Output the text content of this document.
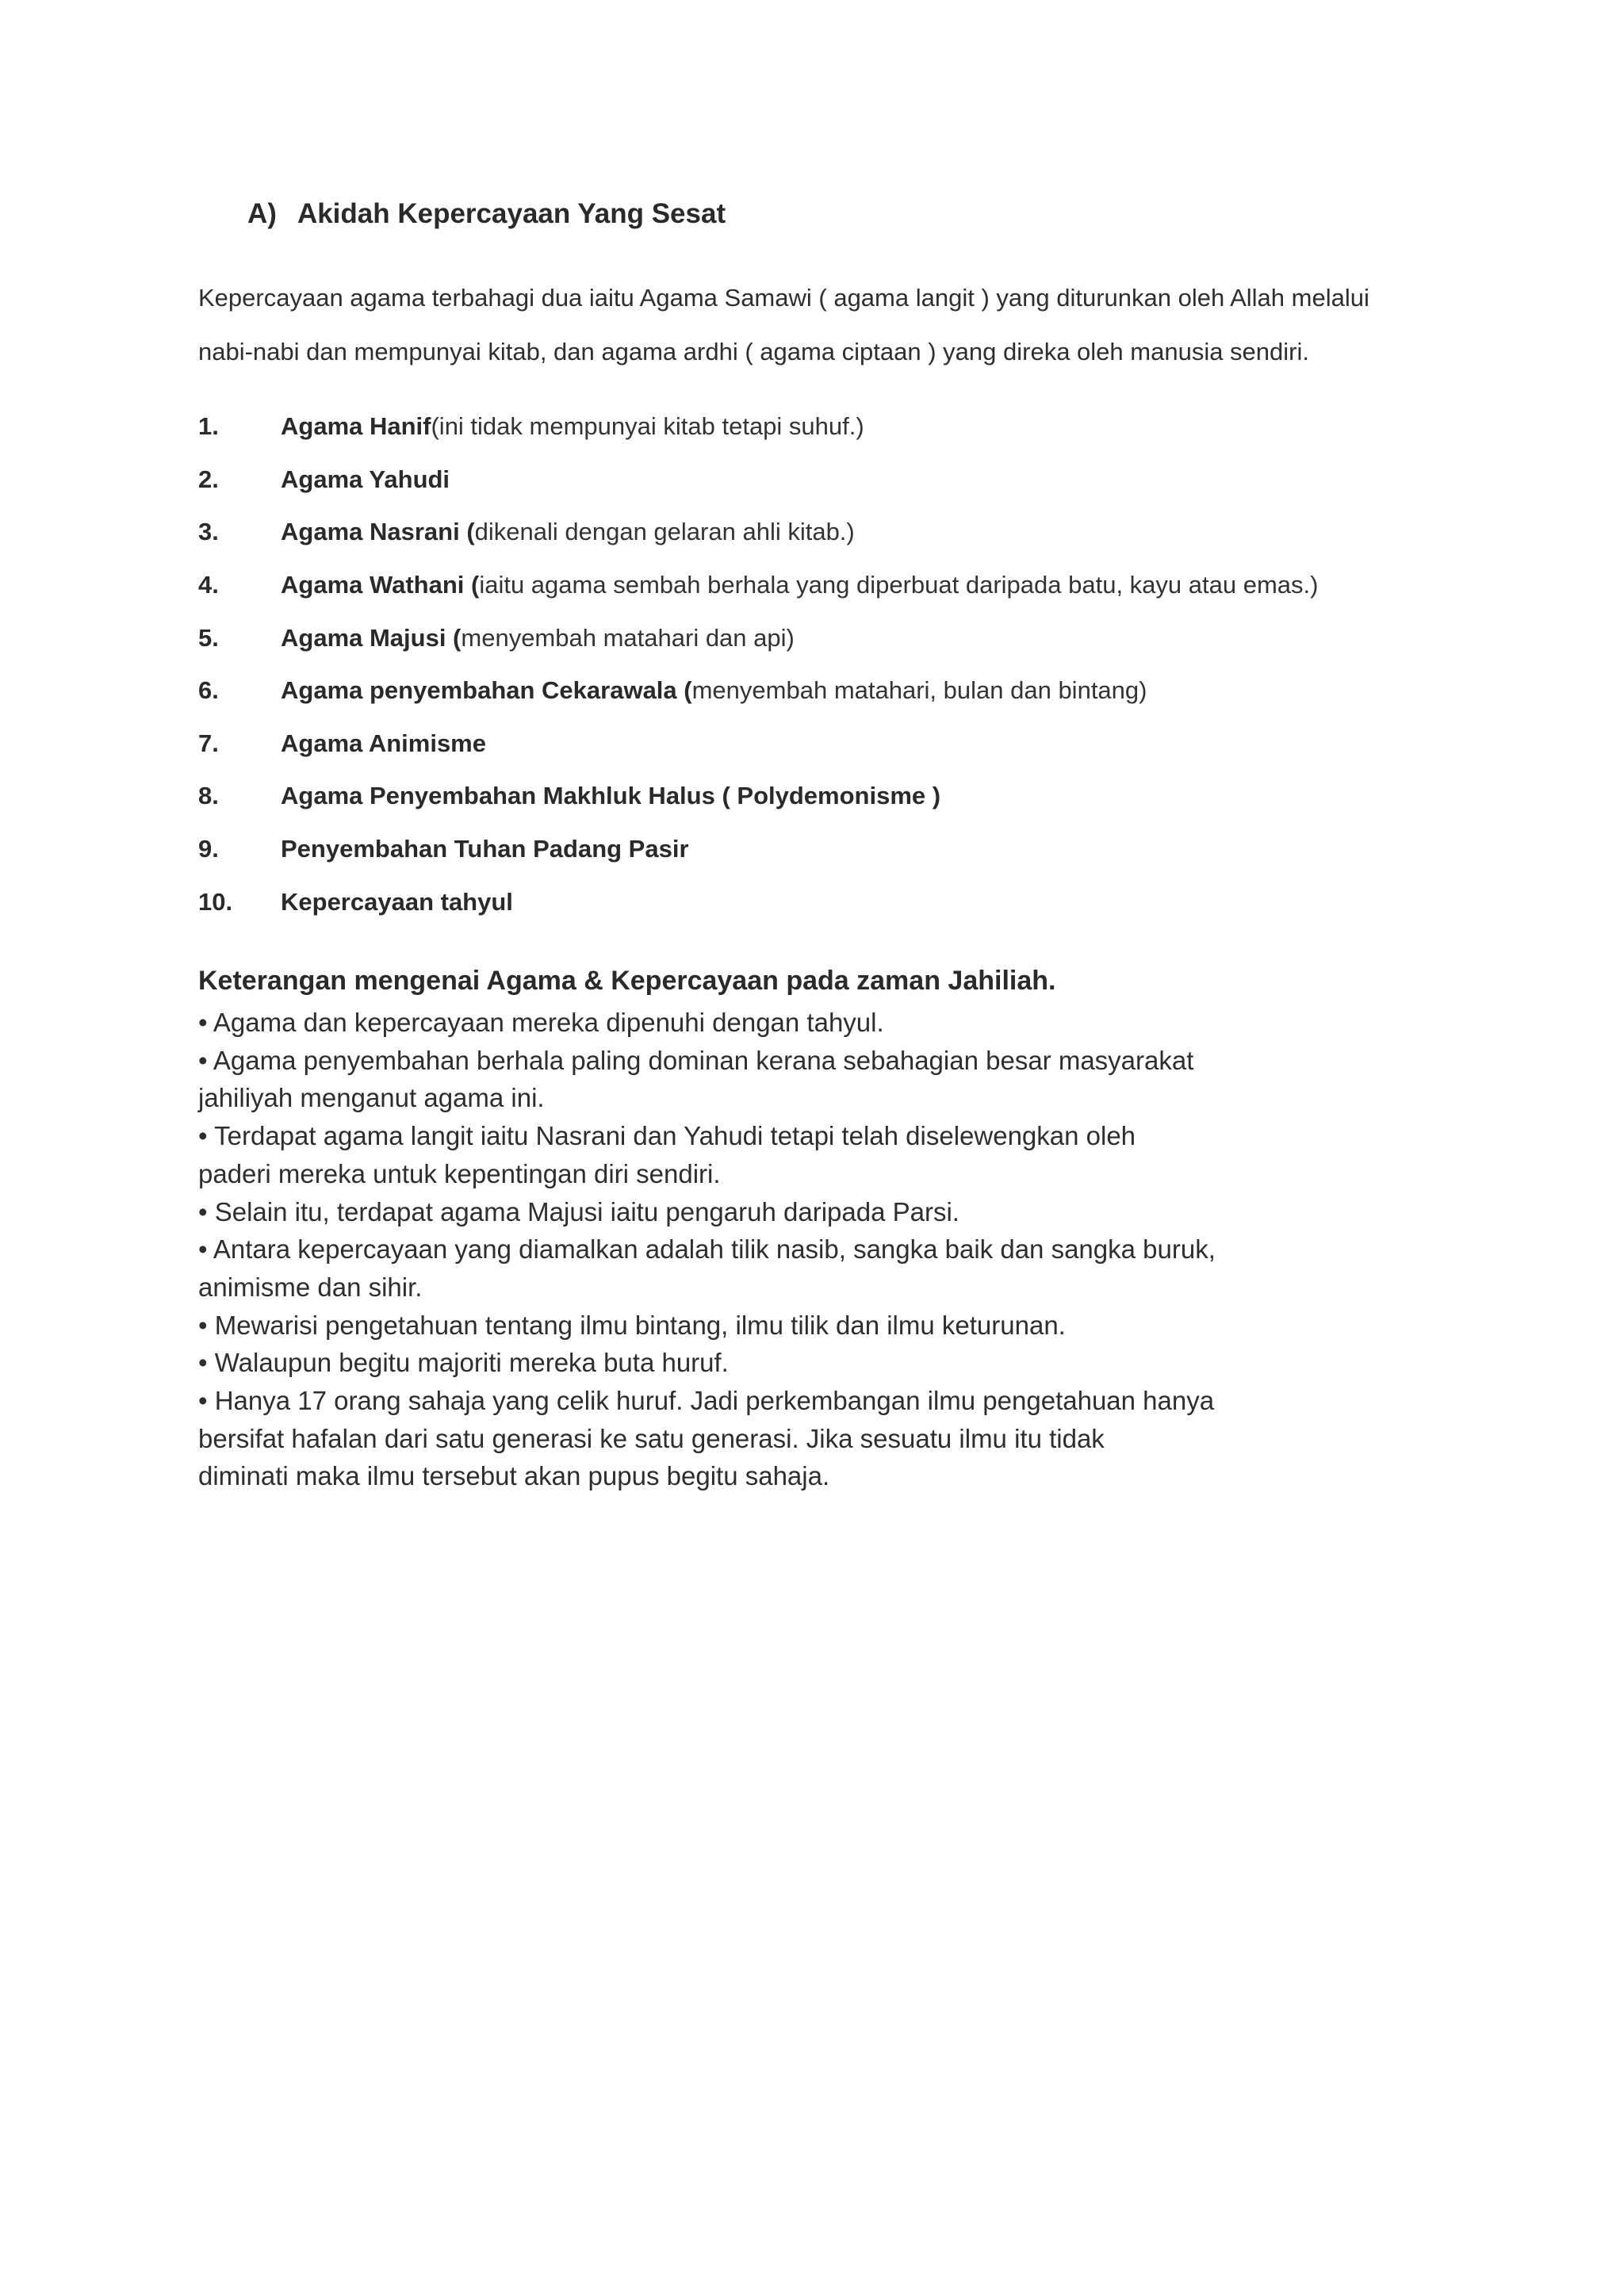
A) Akidah Kepercayaan Yang Sesat

Kepercayaan agama terbahagi dua iaitu Agama Samawi ( agama langit ) yang diturunkan oleh Allah melalui

nabi-nabi dan mempunyai kitab, dan agama ardhi ( agama ciptaan ) yang direka oleh manusia sendiri.

1.	Agama Hanif (ini tidak mempunyai kitab tetapi suhuf.)
2.	Agama Yahudi
3.	Agama Nasrani ( dikenali dengan gelaran ahli kitab.)
4.	Agama Wathani ( iaitu agama sembah berhala yang diperbuat daripada batu, kayu atau emas.)
5.	Agama Majusi ( menyembah matahari dan api)
6.	Agama penyembahan Cekarawala ( menyembah matahari, bulan dan bintang)
7.	Agama Animisme
8.	Agama Penyembahan Makhluk Halus ( Polydemonisme )
9.	Penyembahan Tuhan Padang Pasir
10.	Kepercayaan tahyul
Keterangan mengenai Agama & Kepercayaan pada zaman Jahiliah.
• Agama dan kepercayaan mereka dipenuhi dengan tahyul.
• Agama penyembahan berhala paling dominan kerana sebahagian besar masyarakat
jahiliyah menganut agama ini.
• Terdapat agama langit iaitu Nasrani dan Yahudi tetapi telah diselewengkan oleh
paderi mereka untuk kepentingan diri sendiri.
• Selain itu, terdapat agama Majusi iaitu pengaruh daripada Parsi.
• Antara kepercayaan yang diamalkan adalah tilik nasib, sangka baik dan sangka buruk,
animisme dan sihir.
• Mewarisi pengetahuan tentang ilmu bintang, ilmu tilik dan ilmu keturunan.
• Walaupun begitu majoriti mereka buta huruf.
• Hanya 17 orang sahaja yang celik huruf. Jadi perkembangan ilmu pengetahuan hanya
bersifat hafalan dari satu generasi ke satu generasi. Jika sesuatu ilmu itu tidak
diminati maka ilmu tersebut akan pupus begitu sahaja.
